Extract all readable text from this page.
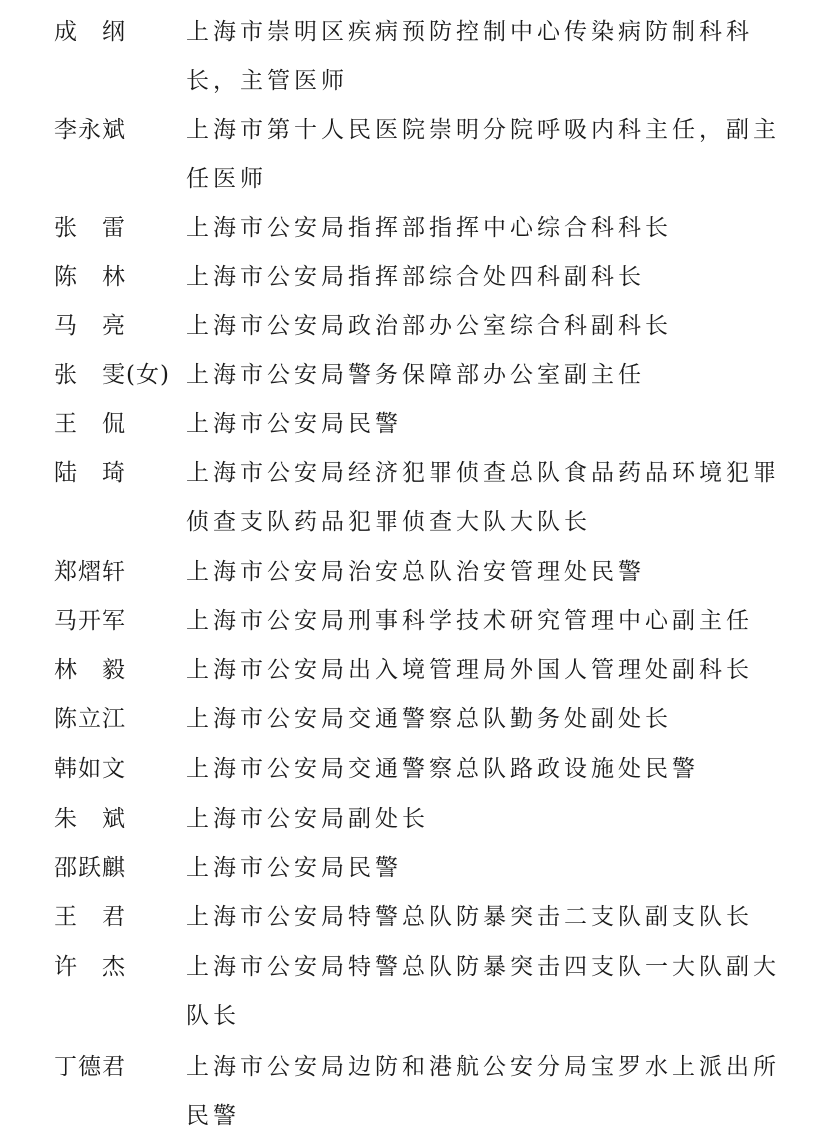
成　纲	上海市崇明区疾病预防控制中心传染病防制科科长，主管医师
李永斌	上海市第十人民医院崇明分院呼吸内科主任，副主任医师
张　雷	上海市公安局指挥部指挥中心综合科科长
陈　林	上海市公安局指挥部综合处四科副科长
马　亮	上海市公安局政治部办公室综合科副科长
张　雯(女) 上海市公安局警务保障部办公室副主任
王　侃	上海市公安局民警
陆　琦	上海市公安局经济犯罪侦查总队食品药品环境犯罪侦查支队药品犯罪侦查大队大队长
郑熠轩	上海市公安局治安总队治安管理处民警
马开军	上海市公安局刑事科学技术研究管理中心副主任
林　毅	上海市公安局出入境管理局外国人管理处副科长
陈立江	上海市公安局交通警察总队勤务处副处长
韩如文	上海市公安局交通警察总队路政设施处民警
朱　斌	上海市公安局副处长
邵跃麒	上海市公安局民警
王　君	上海市公安局特警总队防暴突击二支队副支队长
许　杰	上海市公安局特警总队防暴突击四支队一大队副大队长
丁德君	上海市公安局边防和港航公安分局宝罗水上派出所民警
